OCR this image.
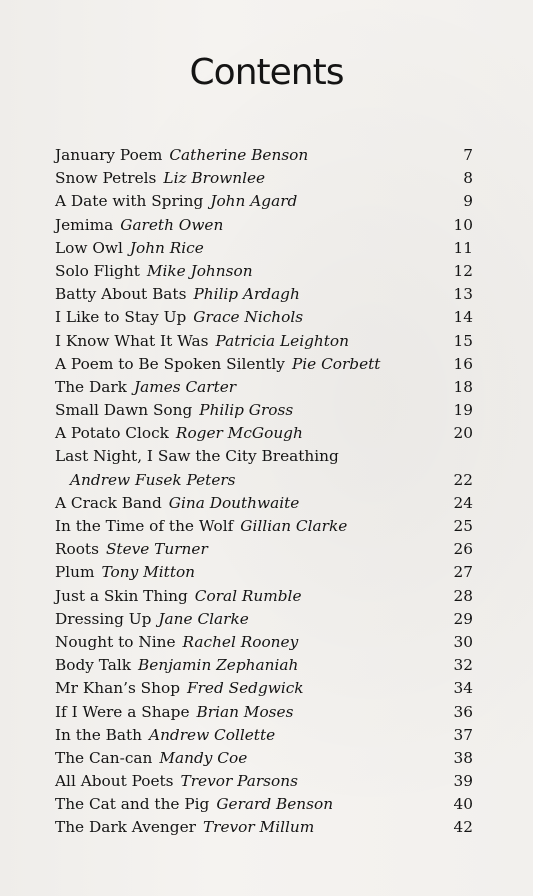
Contents
January Poem Catherine Benson	7
Snow Petrels Liz Brownlee	8
A Date with Spring John Agard	9
Jemima Gareth Owen	10
Low Owl John Rice	11
Solo Flight Mike Johnson	12
Batty About Bats Philip Ardagh	13
I Like to Stay Up Grace Nichols	14
I Know What It Was Patricia Leighton	15
A Poem to Be Spoken Silently Pie Corbett	16
The Dark James Carter	18
Small Dawn Song Philip Gross	19
A Potato Clock Roger McGough	20
Last Night, I Saw the City Breathing
Andrew Fusek Peters	22
A Crack Band Gina Douthwaite	24
In the Time of the Wolf Gillian Clarke	25
Roots Steve Turner	26
Plum Tony Mitton	27
Just a Skin Thing Coral Rumble	28
Dressing Up Jane Clarke	29
Nought to Nine Rachel Rooney	30
Body Talk Benjamin Zephaniah	32
Mr Khan’s Shop Fred Sedgwick	34
If I Were a Shape Brian Moses	36
In the Bath Andrew Collette	37
The Can-can Mandy Coe	38
All About Poets Trevor Parsons	39
The Cat and the Pig Gerard Benson	40
The Dark Avenger Trevor Millum	42
